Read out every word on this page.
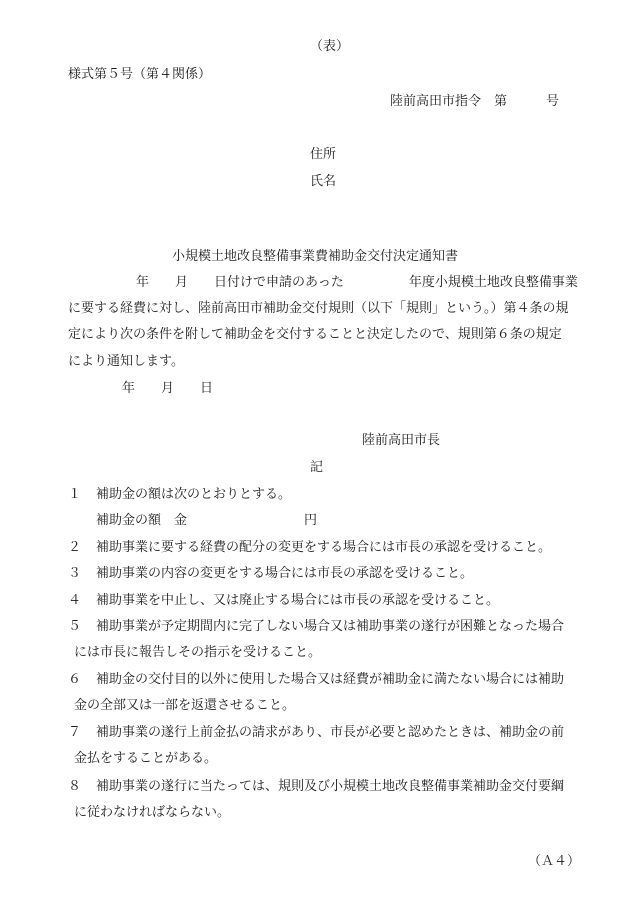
（表）
様式第５号（第４関係）
陸前高田市指令　第　　　号
住所
氏名
小規模土地改良整備事業費補助金交付決定通知書
年　　月　　日付けで申請のあった　　　　　年度小規模土地改良整備事業
に要する経費に対し、陸前高田市補助金交付規則（以下「規則」という。）第４条の規
定により次の条件を附して補助金を交付することと決定したので、規則第６条の規定
により通知します。
年　　月　　日
陸前高田市長
記
１	補助金の額は次のとおりとする。
補助金の額　金　　　　　　　　　円
２	補助事業に要する経費の配分の変更をする場合には市長の承認を受けること。
３	補助事業の内容の変更をする場合には市長の承認を受けること。
４	補助事業を中止し、又は廃止する場合には市長の承認を受けること。
５	補助事業が予定期間内に完了しない場合又は補助事業の遂行が困難となった場合
には市長に報告しその指示を受けること。
６	補助金の交付目的以外に使用した場合又は経費が補助金に満たない場合には補助
金の全部又は一部を返還させること。
７	補助事業の遂行上前金払の請求があり、市長が必要と認めたときは、補助金の前
金払をすることがある。
８	補助事業の遂行に当たっては、規則及び小規模土地改良整備事業補助金交付要綱
に従わなければならない。
（Ａ４）
